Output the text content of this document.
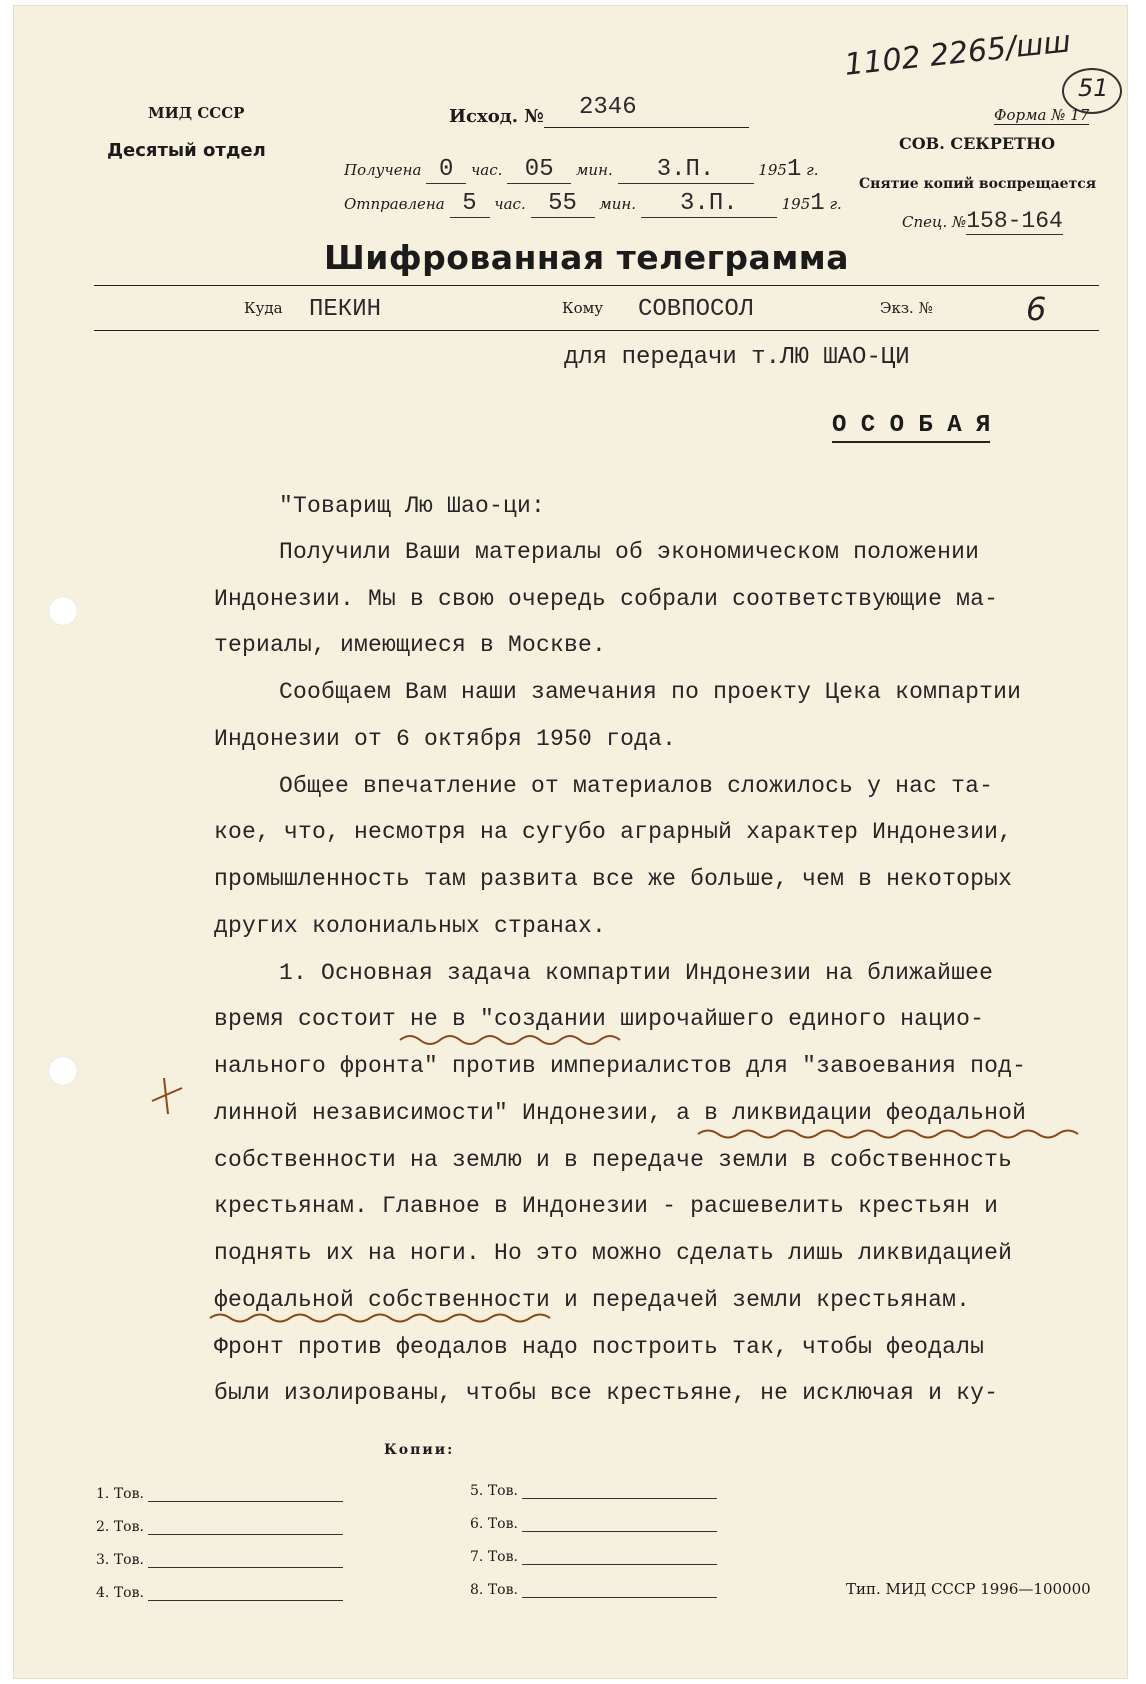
1102 2265/шш
51
МИД СССР
Десятый отдел
Исход. № 2346
Получена 0 час. 05 мин. 3.П.	1951 г.
Отправлена 5 час. 55 мин. 3.П.	1951 г.
Форма № 17
СОВ. СЕКРЕТНО
Снятие копий воспрещается
Спец. №158-164
Шифрованная телеграмма
Куда ПЕКИН	Кому СОВПОСОЛ	Экз. №	6
для передачи т.ЛЮ ШАО-ЦИ
О С О Б А Я
"Товарищ Лю Шао-ци:
Получили Ваши материалы об экономическом положении
Индонезии. Мы в свою очередь собрали соответствующие ма-
териалы, имеющиеся в Москве.
Сообщаем Вам наши замечания по проекту Цека компартии
Индонезии от 6 октября 1950 года.
Общее впечатление от материалов сложилось у нас та-
кое, что, несмотря на сугубо аграрный характер Индонезии,
промышленность там развита все же больше, чем в некоторых
других колониальных странах.
1. Основная задача компартии Индонезии на ближайшее
время состоит не в "создании широчайшего единого нацио-
нального фронта" против империалистов для "завоевания под-
линной независимости" Индонезии, а в ликвидации феодальной
собственности на землю и в передаче земли в собственность
крестьянам. Главное в Индонезии - расшевелить крестьян и
поднять их на ноги. Но это можно сделать лишь ликвидацией
феодальной собственности и передачей земли крестьянам.
Фронт против феодалов надо построить так, чтобы феодалы
были изолированы, чтобы все крестьяне, не исключая и ку-
Копии:
1. Тов.
2. Тов.
3. Тов.
4. Тов.
5. Тов.
6. Тов.
7. Тов.
8. Тов.	Тип. МИД СССР 1996—100000
